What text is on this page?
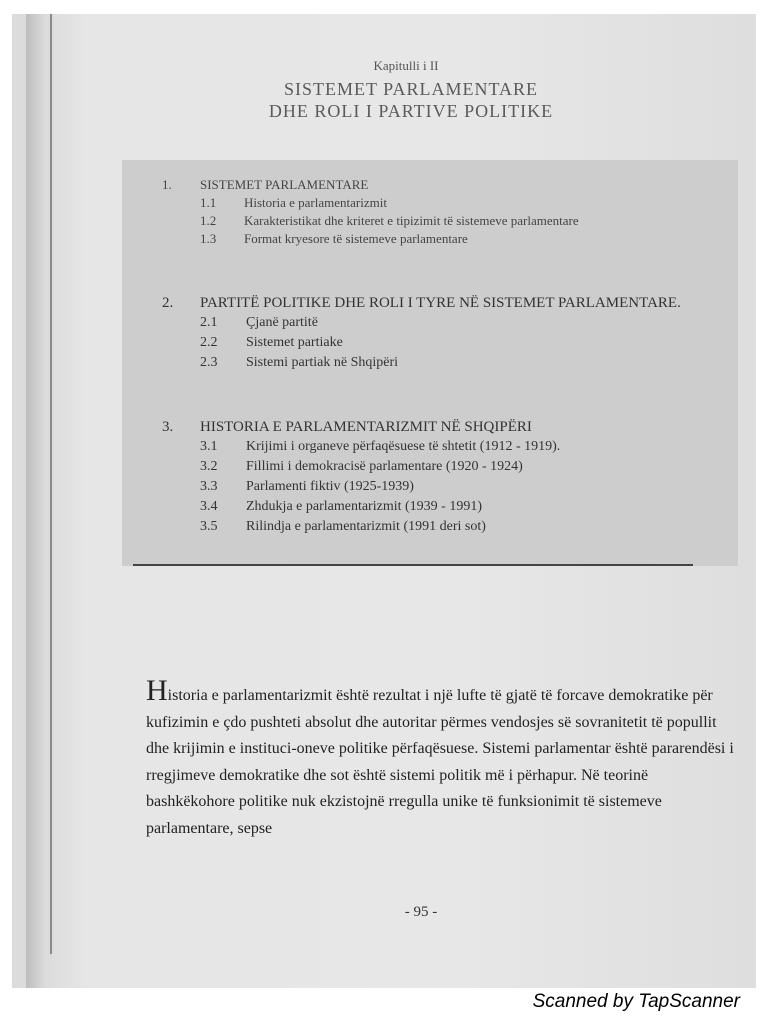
Kapitulli i II
SISTEMET PARLAMENTARE
DHE ROLI I PARTIVE POLITIKE
1. SISTEMET PARLAMENTARE
1.1 Historia e parlamentarizmit
1.2	Karakteristikat dhe kriteret e tipizimit të sistemeve parlamentare
1.3 Format kryesore të sistemeve parlamentare
2.	PARTITË POLITIKE DHE ROLI I TYRE NË SISTEMET PARLAMENTARE.
2.1 Çjanë partitë
2.2 Sistemet partiake
2.3 Sistemi partiak në Shqipëri
3. HISTORIA E PARLAMENTARIZMIT NË SHQIPËRI
3.1 Krijimi i organeve përfaqësuese të shtetit (1912 - 1919).
3.2 Fillimi i demokracisë parlamentare (1920 - 1924)
3.3 Parlamenti fiktiv (1925-1939)
3.4 Zhdukja e parlamentarizmit (1939 - 1991)
3.5 Rilindja e parlamentarizmit (1991 deri sot)
Historia e parlamentarizmit është rezultat i një lufte të gjatë të forcave demokratike për kufizimin e çdo pushteti absolut dhe autoritar përmes vendosjes së sovranitetit të popullit dhe krijimin e instituci-oneve politike përfaqësuese. Sistemi parlamentar është pararendësi i rregjimeve demokratike dhe sot është sistemi politik më i përhapur. Në teorinë bashkëkohore politike nuk ekzistojnë rregulla unike të funksionimit të sistemeve parlamentare, sepse
- 95 -
Scanned by TapScanner
